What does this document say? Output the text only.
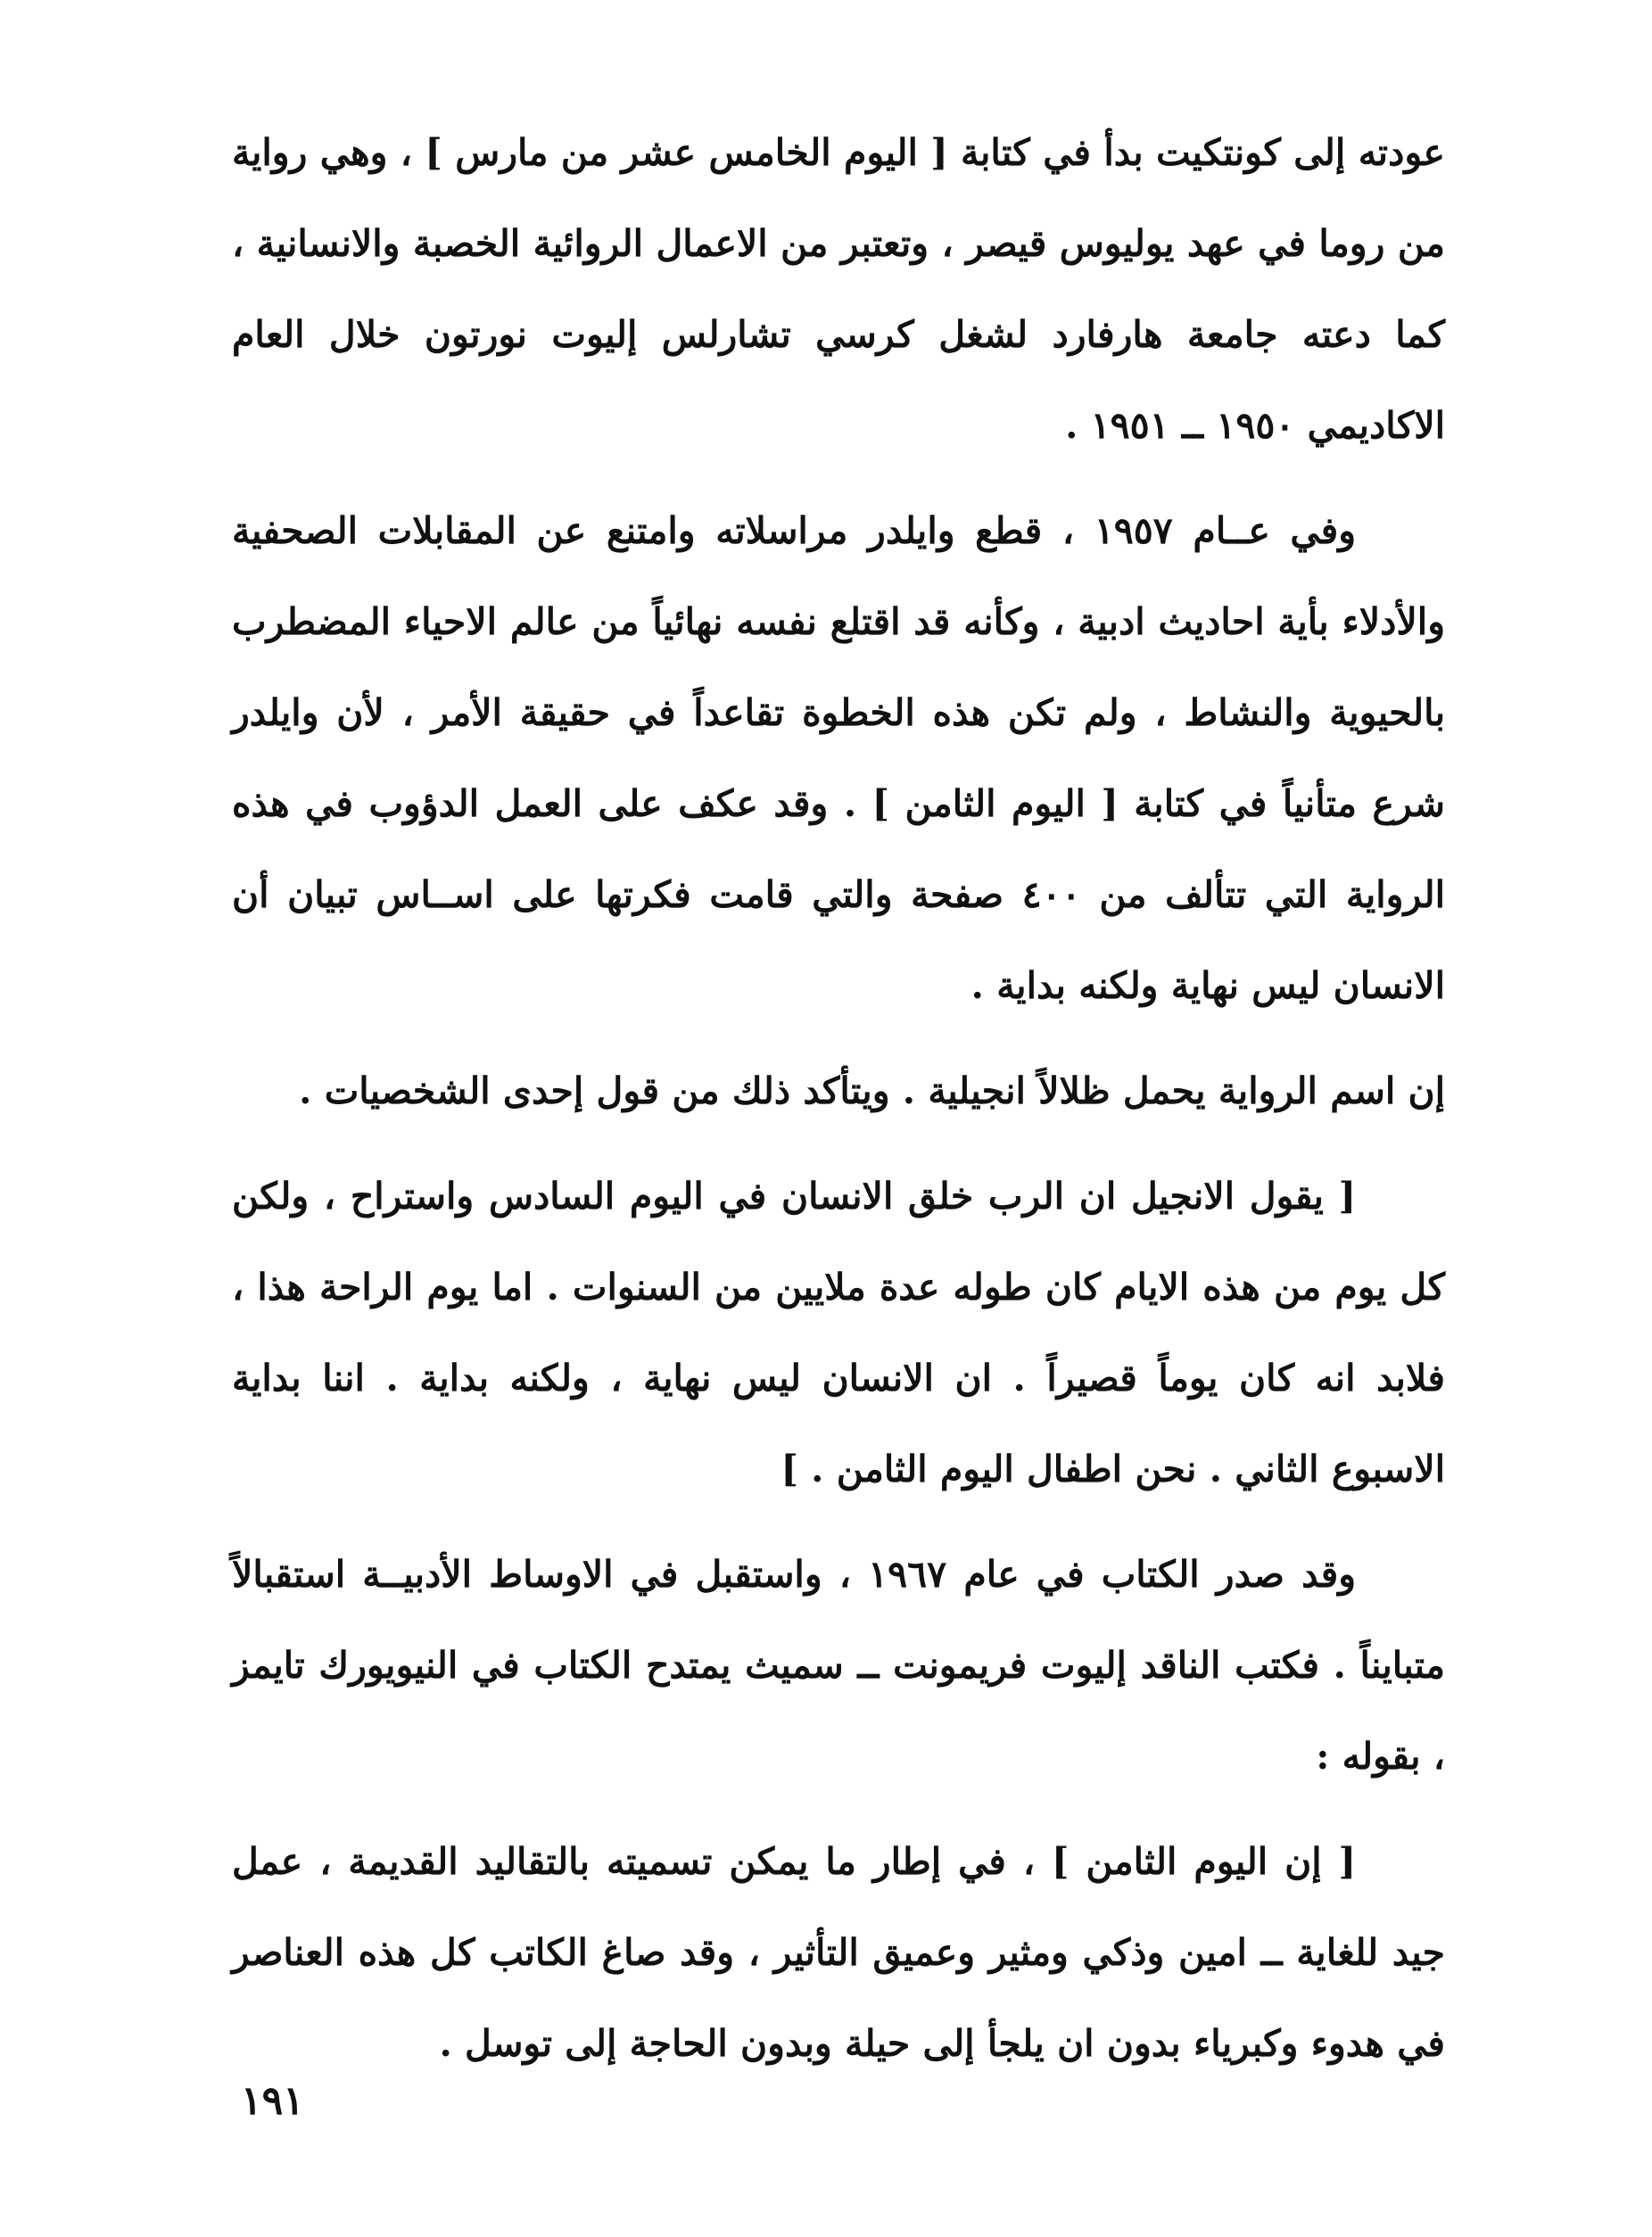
عودته إلى كونتكيت بدأ في كتابة [ اليوم الخامس عشر من مارس ] ، وهي رواية من روما في عهد يوليوس قيصر ، وتعتبر من الاعمال الروائية الخصبة والانسانية ، كما دعته جامعة هارفارد لشغل كرسي تشارلس إليوت نورتون خلال العام الاكاديمي ١٩٥٠ ــ ١٩٥١ .

وفي عــام ١٩٥٧ ، قطع وايلدر مراسلاته وامتنع عن المقابلات الصحفية والأدلاء بأية احاديث ادبية ، وكأنه قد اقتلع نفسه نهائياً من عالم الاحياء المضطرب بالحيوية والنشاط ، ولم تكن هذه الخطوة تقاعداً في حقيقة الأمر ، لأن وايلدر شرع متأنياً في كتابة [ اليوم الثامن ] . وقد عكف على العمل الدؤوب في هذه الرواية التي تتألف من ٤٠٠ صفحة والتي قامت فكرتها على اســاس تبيان أن الانسان ليس نهاية ولكنه بداية .

إن اسم الرواية يحمل ظلالاً انجيلية . ويتأكد ذلك من قول إحدى الشخصيات .

[ يقول الانجيل ان الرب خلق الانسان في اليوم السادس واستراح ، ولكن كل يوم من هذه الايام كان طوله عدة ملايين من السنوات . اما يوم الراحة هذا ، فلابد انه كان يوماً قصيراً . ان الانسان ليس نهاية ، ولكنه بداية . اننا بداية الاسبوع الثاني . نحن اطفال اليوم الثامن . ]

وقد صدر الكتاب في عام ١٩٦٧ ، واستقبل في الاوساط الأدبيــة استقبالاً متبايناً . فكتب الناقد إليوت فريمونت ــ سميث يمتدح الكتاب في النيويورك تايمز ، بقوله :

[ إن اليوم الثامن ] ، في إطار ما يمكن تسميته بالتقاليد القديمة ، عمل جيد للغاية ــ امين وذكي ومثير وعميق التأثير ، وقد صاغ الكاتب كل هذه العناصر في هدوء وكبرياء بدون ان يلجأ إلى حيلة وبدون الحاجة إلى توسل .

١٩١
